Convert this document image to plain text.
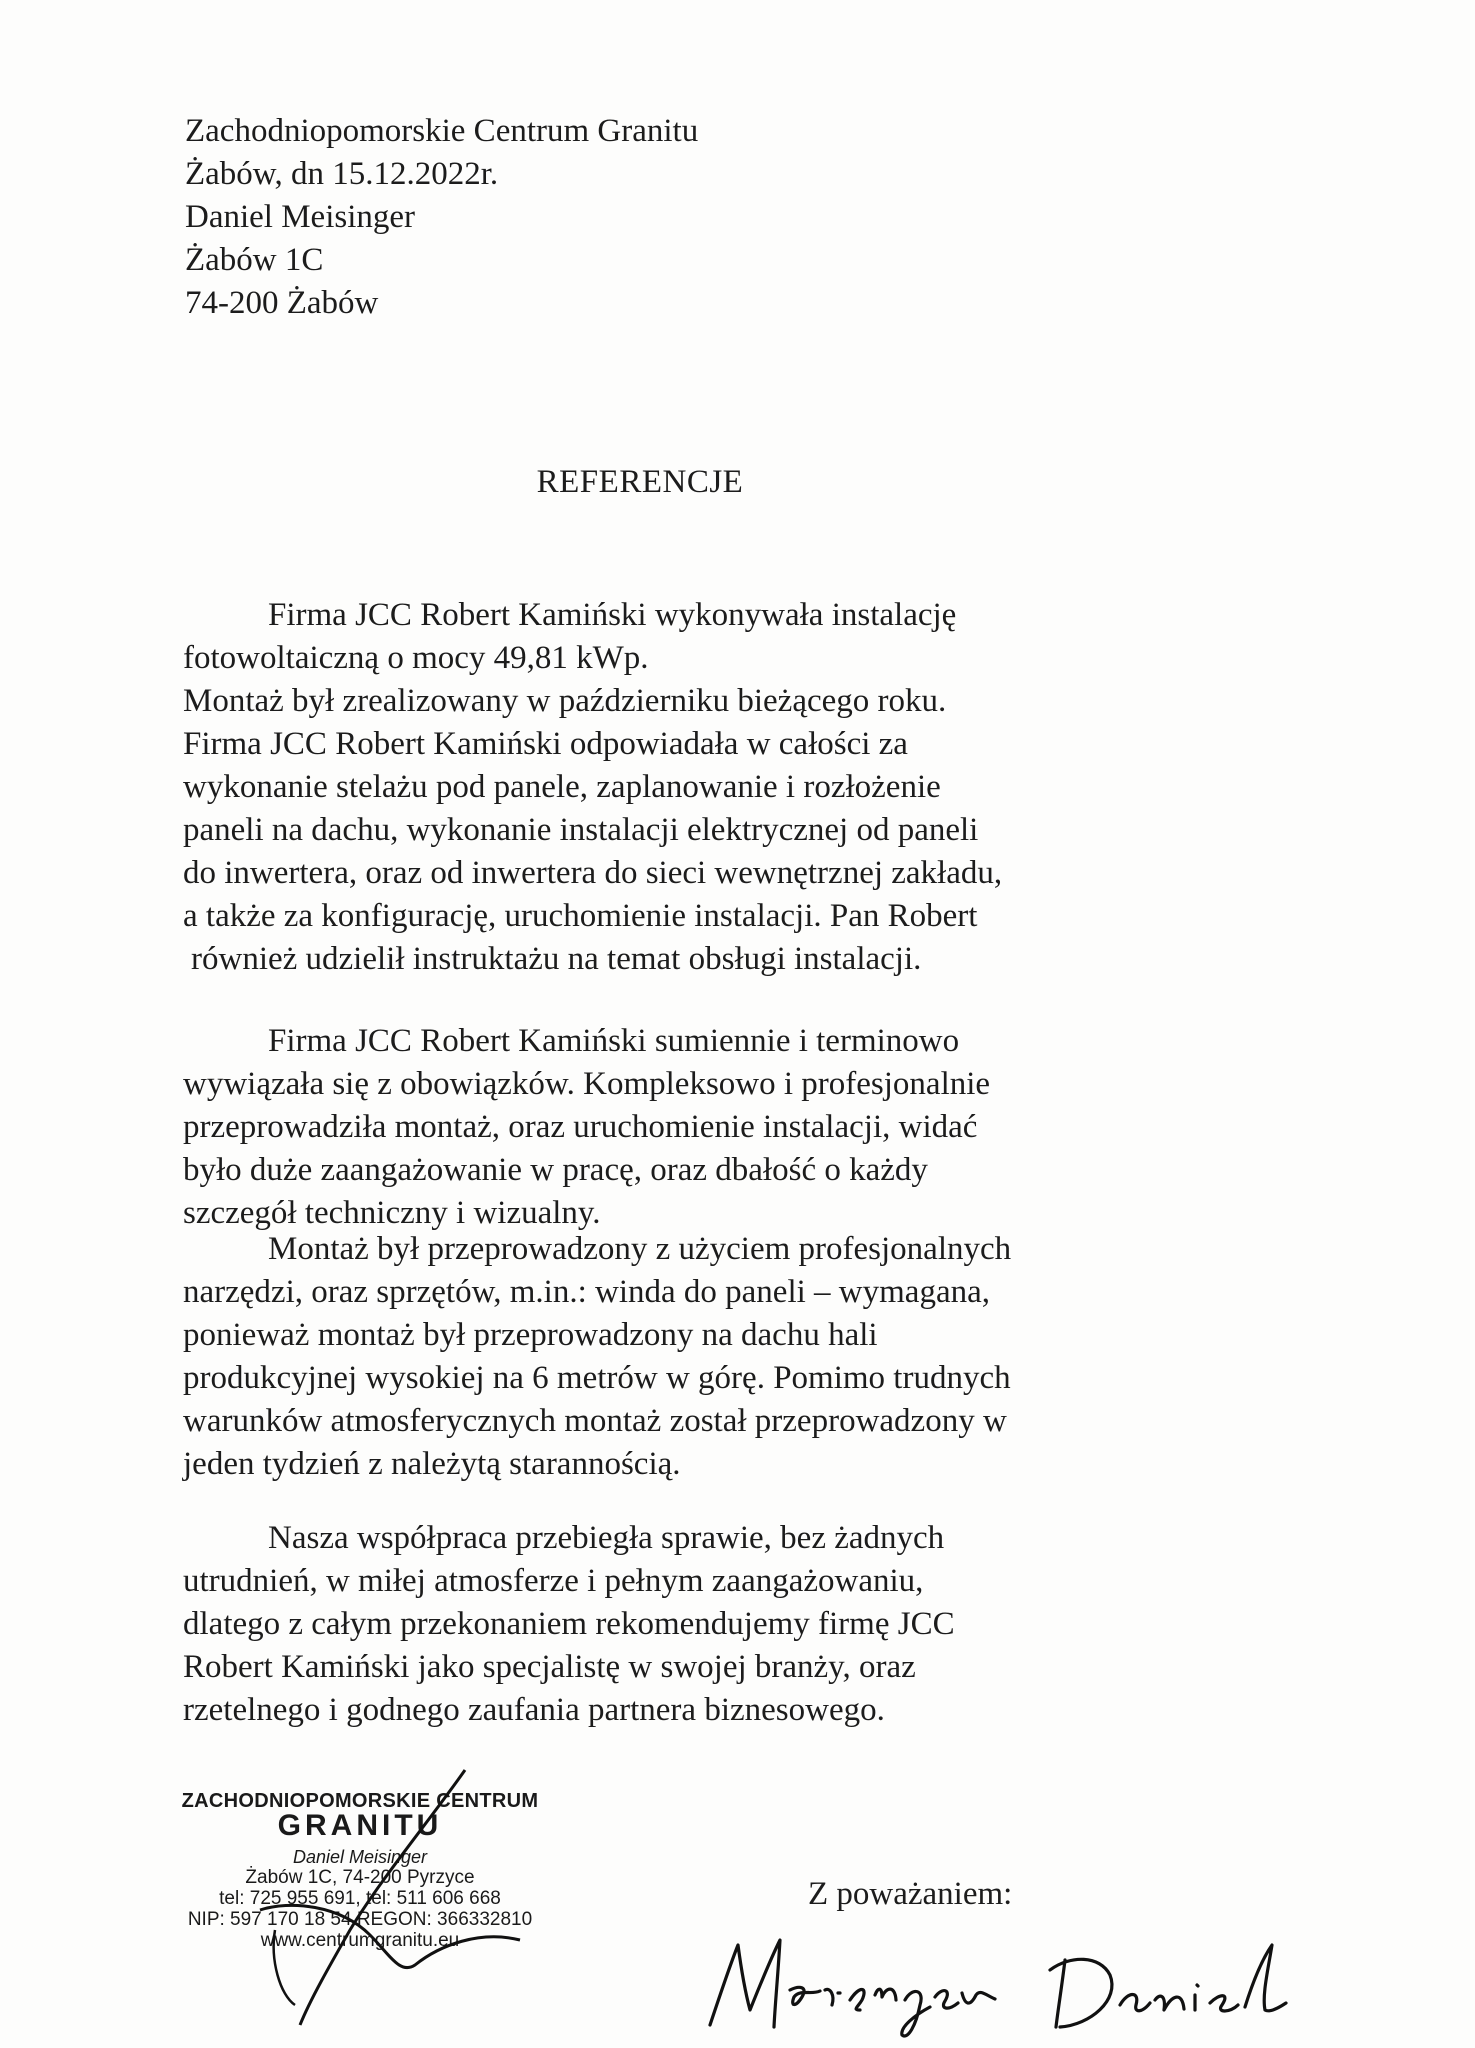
Zachodniopomorskie Centrum Granitu
Żabów, dn 15.12.2022r.
Daniel Meisinger
Żabów 1C
74-200 Żabów
REFERENCJE
Firma JCC Robert Kamiński wykonywała instalację
fotowoltaiczną o mocy 49,81 kWp.
Montaż był zrealizowany w październiku bieżącego roku.
Firma JCC Robert Kamiński odpowiadała w całości za
wykonanie stelażu pod panele, zaplanowanie i rozłożenie
paneli na dachu, wykonanie instalacji elektrycznej od paneli
do inwertera, oraz od inwertera do sieci wewnętrznej zakładu,
a także za konfigurację, uruchomienie instalacji. Pan Robert
również udzielił instruktażu na temat obsługi instalacji.
Firma JCC Robert Kamiński sumiennie i terminowo
wywiązała się z obowiązków. Kompleksowo i profesjonalnie
przeprowadziła montaż, oraz uruchomienie instalacji, widać
było duże zaangażowanie w pracę, oraz dbałość o każdy
szczegół techniczny i wizualny.
Montaż był przeprowadzony z użyciem profesjonalnych
narzędzi, oraz sprzętów, m.in.: winda do paneli – wymagana,
ponieważ montaż był przeprowadzony na dachu hali
produkcyjnej wysokiej na 6 metrów w górę. Pomimo trudnych
warunków atmosferycznych montaż został przeprowadzony w
jeden tydzień z należytą starannością.
Nasza współpraca przebiegła sprawie, bez żadnych
utrudnień, w miłej atmosferze i pełnym zaangażowaniu,
dlatego z całym przekonaniem rekomendujemy firmę JCC
Robert Kamiński jako specjalistę w swojej branży, oraz
rzetelnego i godnego zaufania partnera biznesowego.
ZACHODNIOPOMORSKIE CENTRUM
GRANITU
Daniel Meisinger
Żabów 1C, 74-200 Pyrzyce
tel: 725 955 691, tel: 511 606 668
NIP: 597 170 18 54 REGON: 366332810
www.centrumgranitu.eu
Z poważaniem:
